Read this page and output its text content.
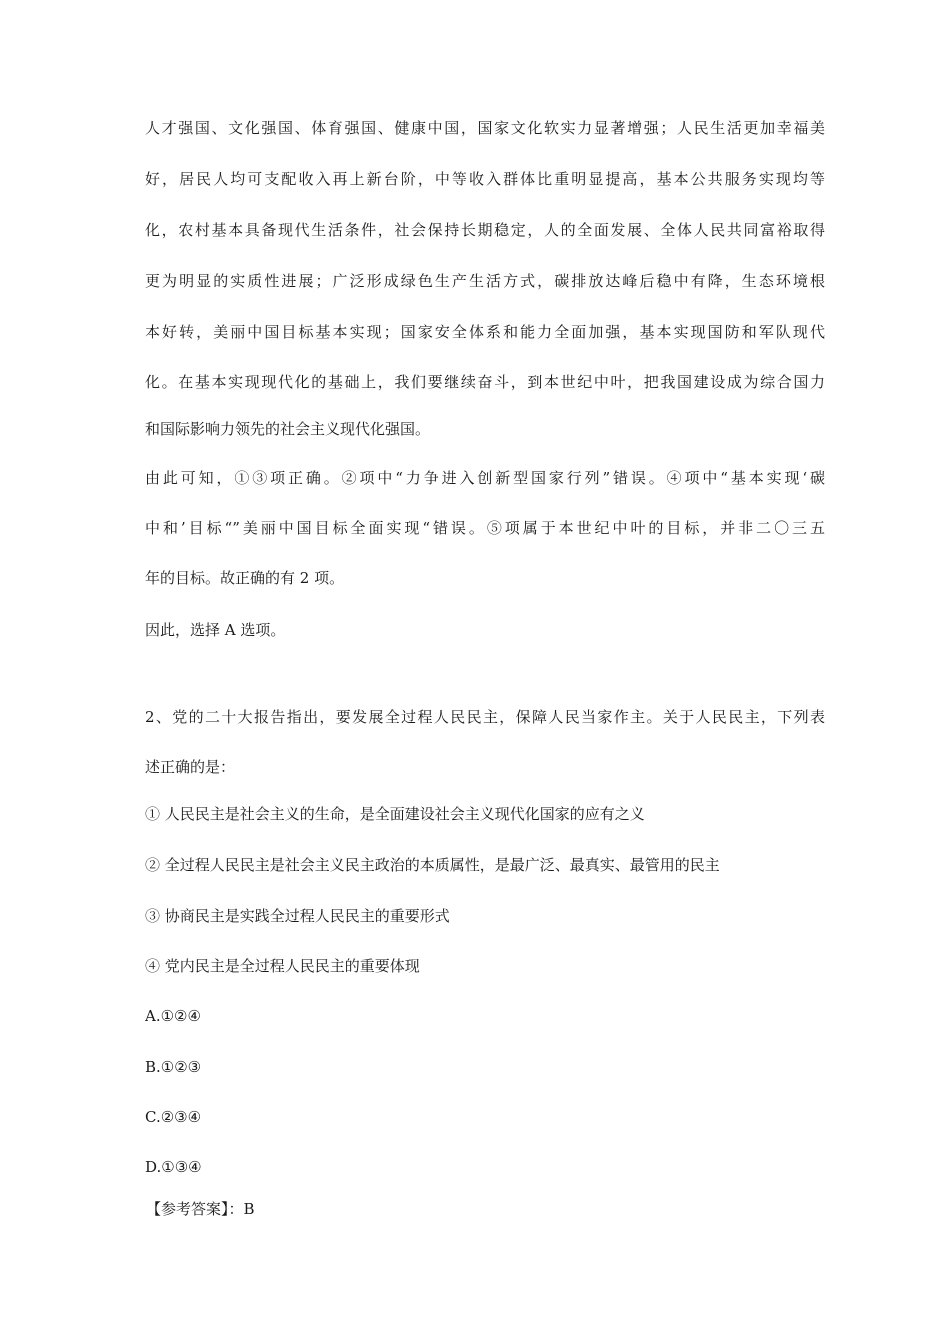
人才强国、文化强国、体育强国、健康中国，国家文化软实力显著增强；人民生活更加幸福美
好，居民人均可支配收入再上新台阶，中等收入群体比重明显提高，基本公共服务实现均等
化，农村基本具备现代生活条件，社会保持长期稳定，人的全面发展、全体人民共同富裕取得
更为明显的实质性进展；广泛形成绿色生产生活方式，碳排放达峰后稳中有降，生态环境根
本好转，美丽中国目标基本实现；国家安全体系和能力全面加强，基本实现国防和军队现代
化。在基本实现现代化的基础上，我们要继续奋斗，到本世纪中叶，把我国建设成为综合国力
和国际影响力领先的社会主义现代化强国。
由此可知，①③项正确。②项中“力争进入创新型国家行列”错误。④项中“基本实现‘碳
中和’目标“”美丽中国目标全面实现“错误。⑤项属于本世纪中叶的目标，并非二〇三五
年的目标。故正确的有 2 项。
因此，选择 A 选项。
2、党的二十大报告指出，要发展全过程人民民主，保障人民当家作主。关于人民民主，下列表
述正确的是：
① 人民民主是社会主义的生命，是全面建设社会主义现代化国家的应有之义
② 全过程人民民主是社会主义民主政治的本质属性，是最广泛、最真实、最管用的民主
③ 协商民主是实践全过程人民民主的重要形式
④ 党内民主是全过程人民民主的重要体现
A.①②④
B.①②③
C.②③④
D.①③④
【参考答案】：B
